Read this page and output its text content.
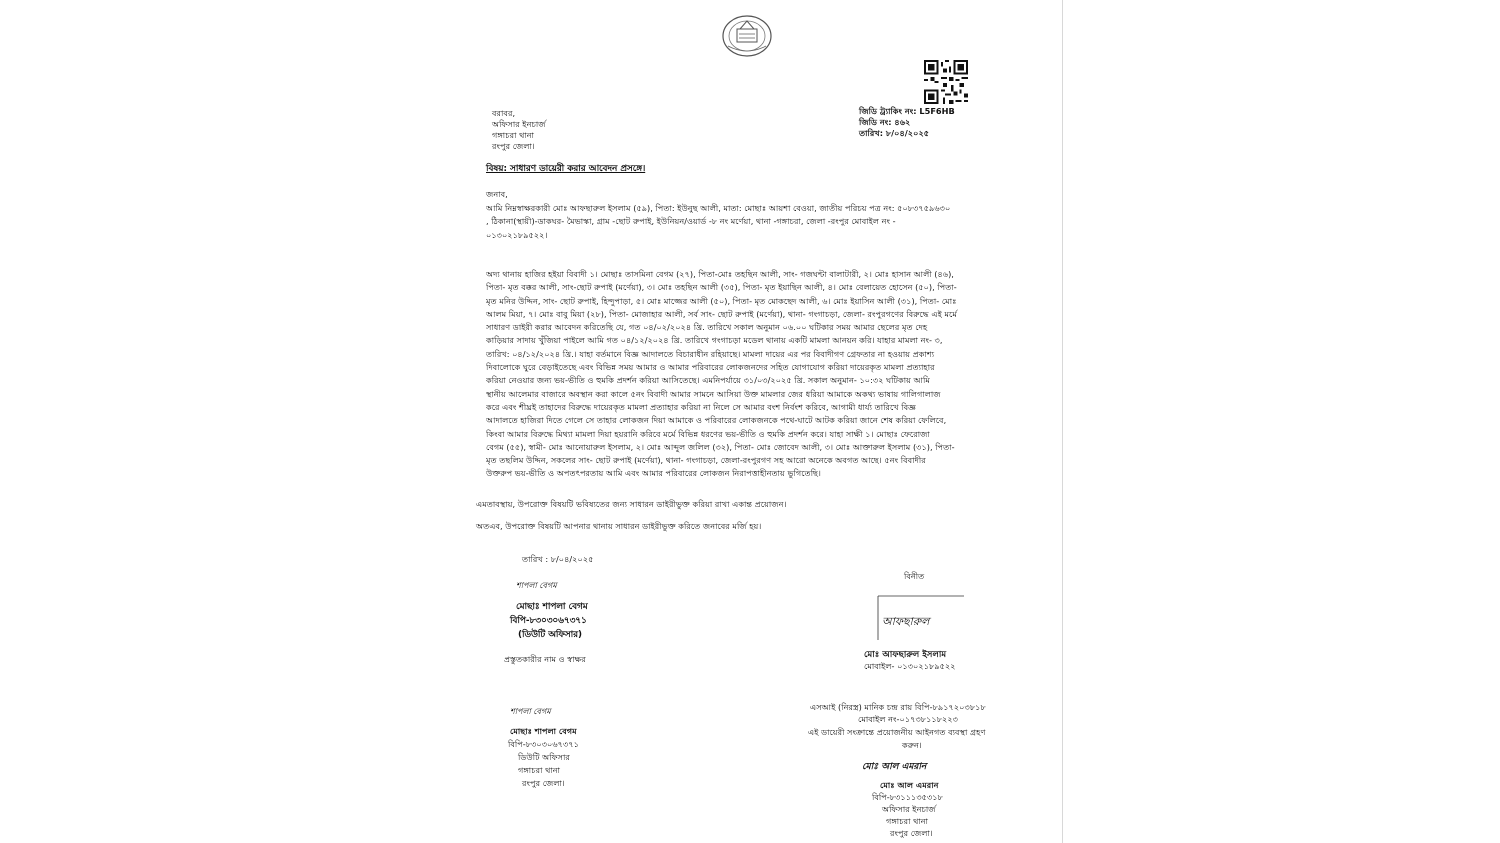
জিডি ট্র্যাকিং নং: L5F6HB
জিডি নং: ৪৬২
তারিখ: ৮/০৪/২০২৫
বরাবর,
অফিসার ইনচার্জ
গঙ্গাচরা থানা
রংপুর জেলা।
বিষয়: সাধারণ ডায়েরী করার আবেদন প্রসঙ্গে।
জনাব,
আমি নিম্নস্বাক্ষরকারী মোঃ আফছারুল ইসলাম (৫৯), পিতা: ইউনুছ আলী, মাতা: মোছাঃ আয়শা বেওয়া, জাতীয় পরিচয় পত্র নং: ৫০৮৩৭৫৯৬৩০
, ঠিকানা(স্থায়ী)-ডাকঘর- মৈভাস্কা, গ্রাম -ছোট রুপাই, ইউনিয়ন/ওয়ার্ড -৮ নং মর্ণেয়া, থানা -গঙ্গাচরা, জেলা -রংপুর মোবাইল নং -
০১৩০২১৮৯৫২২।
অদ্য থানায় হাজির হইয়া বিবাদী ১। মোছাঃ তাসমিনা বেগম (২৭), পিতা-মোঃ তহছিন আলী, সাং- গজঘন্টা বালাটারী, ২। মোঃ হাসান আলী (৪৬),
পিতা- মৃত বক্কর আলী, সাং-ছোট রুপাই (মর্ণেয়া), ৩। মোঃ তহছিন আলী (৩৫), পিতা- মৃত ইয়াছিন আলী, ৪। মোঃ বেলায়েত হোসেন (৫০), পিতা-
মৃত মনির উদ্দিন, সাং- ছোট রুপাই, হিন্দুপাড়া, ৫। মোঃ মাজ্জের আলী (৫০), পিতা- মৃত মোকছেদ আলী, ৬। মোঃ ইয়াসিন আলী (৩১), পিতা- মোঃ
আলম মিয়া, ৭। মোঃ বাবু মিয়া (২৮), পিতা- মোজাহার আলী, সর্ব সাং- ছোট রুপাই (মর্ণেয়া), থানা- গংগাচড়া, জেলা- রংপুরগণের বিরুদ্ধে এই মর্মে
সাধারণ ডাইরী করার আবেদন করিতেছি যে, গত ০৪/০২/২০২৪ খ্রি. তারিখে সকাল অনুমান ০৬.০০ ঘটিকার সময় আমার ছেলের মৃত দেহ
কাড়িয়ার সাদায় খুঁজিয়া পাইলে আমি গত ০৪/১২/২০২৪ খ্রি. তারিখে গংগাচড়া মডেল থানায় একটি মামলা আনয়ন করি। যাহার মামলা নং- ৩,
তারিখ: ০৪/১২/২০২৪ খ্রি.। যাহা বর্তমানে বিজ্ঞ আদালতে বিচারাধীন রহিয়াছে। মামলা দায়ের এর পর বিবাদীগণ গ্রেফতার না হওয়ায় প্রকাশ্য
দিবালোকে ঘুরে বেড়াইতেছে এবং বিভিন্ন সময় আমার ও আমার পরিবারের লোকজনদের সহিত যোগাযোগ করিয়া দায়েরকৃত মামলা প্রত্যাহার
করিয়া নেওয়ার জন্য ভয়-ভীতি ও হুমকি প্রদর্শন করিয়া আসিতেছে। এমনিপর্যায়ে ৩১/০৩/২০২৫ খ্রি. সকাল অনুমান- ১০:৩২ ঘটিকায় আমি
স্থানীয় আলেমার বাজারে অবস্থান করা কালে ৫নং বিবাদী আমার সামনে আসিয়া উক্ত মামলার জের ধরিয়া আমাকে অকথ্য ভাষায় গালিগালাজ
করে এবং শীঘ্রই তাহাদের বিরুদ্ধে দায়েরকৃত মামলা প্রত্যাহার করিয়া না নিলে সে আমার বংশ নির্বংশ করিবে, আগামী ধার্য্য তারিখে বিজ্ঞ
আদালতে হাজিরা দিতে গেলে সে তাহার লোকজন দিয়া আমাকে ও পরিবারের লোকজনকে পথে-ঘাটে আটক করিয়া জানে শেষ করিয়া ফেলিবে,
কিংবা আমার বিরুদ্ধে মিথ্যা মামলা দিয়া হয়রানি করিবে মর্মে বিভিন্ন ধরণের ভয়-ভীতি ও হুমকি প্রদর্শন করে। যাহা সাক্ষী ১। মোছাঃ ফেরোজা
বেগম (৫৫), স্বামী- মোঃ আনোয়ারুল ইসলাম, ২। মোঃ আব্দুল জলিল (৩২), পিতা- মোঃ জোবেদ আলী, ৩। মোঃ আক্তারুল ইসলাম (৩১), পিতা-
মৃত তছলিম উদ্দিন, সকলের সাং- ছোট রুপাই (মর্ণেয়া), থানা- গংগাচড়া, জেলা-রংপুরগণ সহ আরো অনেকে অবগত আছে। ৫নং বিবাদীর
উক্তরুপ ভয়-ভীতি ও অপতৎপরতায় আমি এবং আমার পরিবারের লোকজন নিরাপত্তাহীনতায় ভুগিতেছি।
এমতাবস্থায়, উপরোক্ত বিষয়টি ভবিষ্যতের জন্য সাধারন ডাইরীভুক্ত করিয়া রাখা একান্ত প্রয়োজন।
অতএব, উপরোক্ত বিষয়টি আপনার থানায় সাধারন ডাইরীভুক্ত করিতে জনাবের মর্জি হয়।
তারিখ : ৮/০৪/২০২৫
শাপলা বেগম
মোছাঃ শাপলা বেগম
বিপি-৮৩০৩০৬৭৩৭১
(ডিউটি অফিসার)
প্রস্তুতকারীর নাম ও স্বাক্ষর
বিনীত
আফছারুল
মোঃ আফছারুল ইসলাম
মোবাইল- ০১৩০২১৮৯৫২২
শাপলা বেগম
মোছাঃ শাপলা বেগম
বিপি-৮৩০৩০৬৭৩৭১
ডিউটি অফিসার
গঙ্গাচরা থানা
রংপুর জেলা।
এসআই (নিরস্ত্র) মানিক চন্দ্র রায় বিপি-৮৯১৭২০৩৮১৮
মোবাইল নং-০১৭৩৮১১৮২২৩
এই ডায়েরী সংক্রান্তে প্রয়োজনীয় আইনগত ব্যবস্থা গ্রহণ
করুন।
মোঃ আল এমরান
মোঃ আল এমরান
বিপি-৮৩১১১৩৫৩১৮
অফিসার ইনচার্জ
গঙ্গাচরা থানা
রংপুর জেলা।
